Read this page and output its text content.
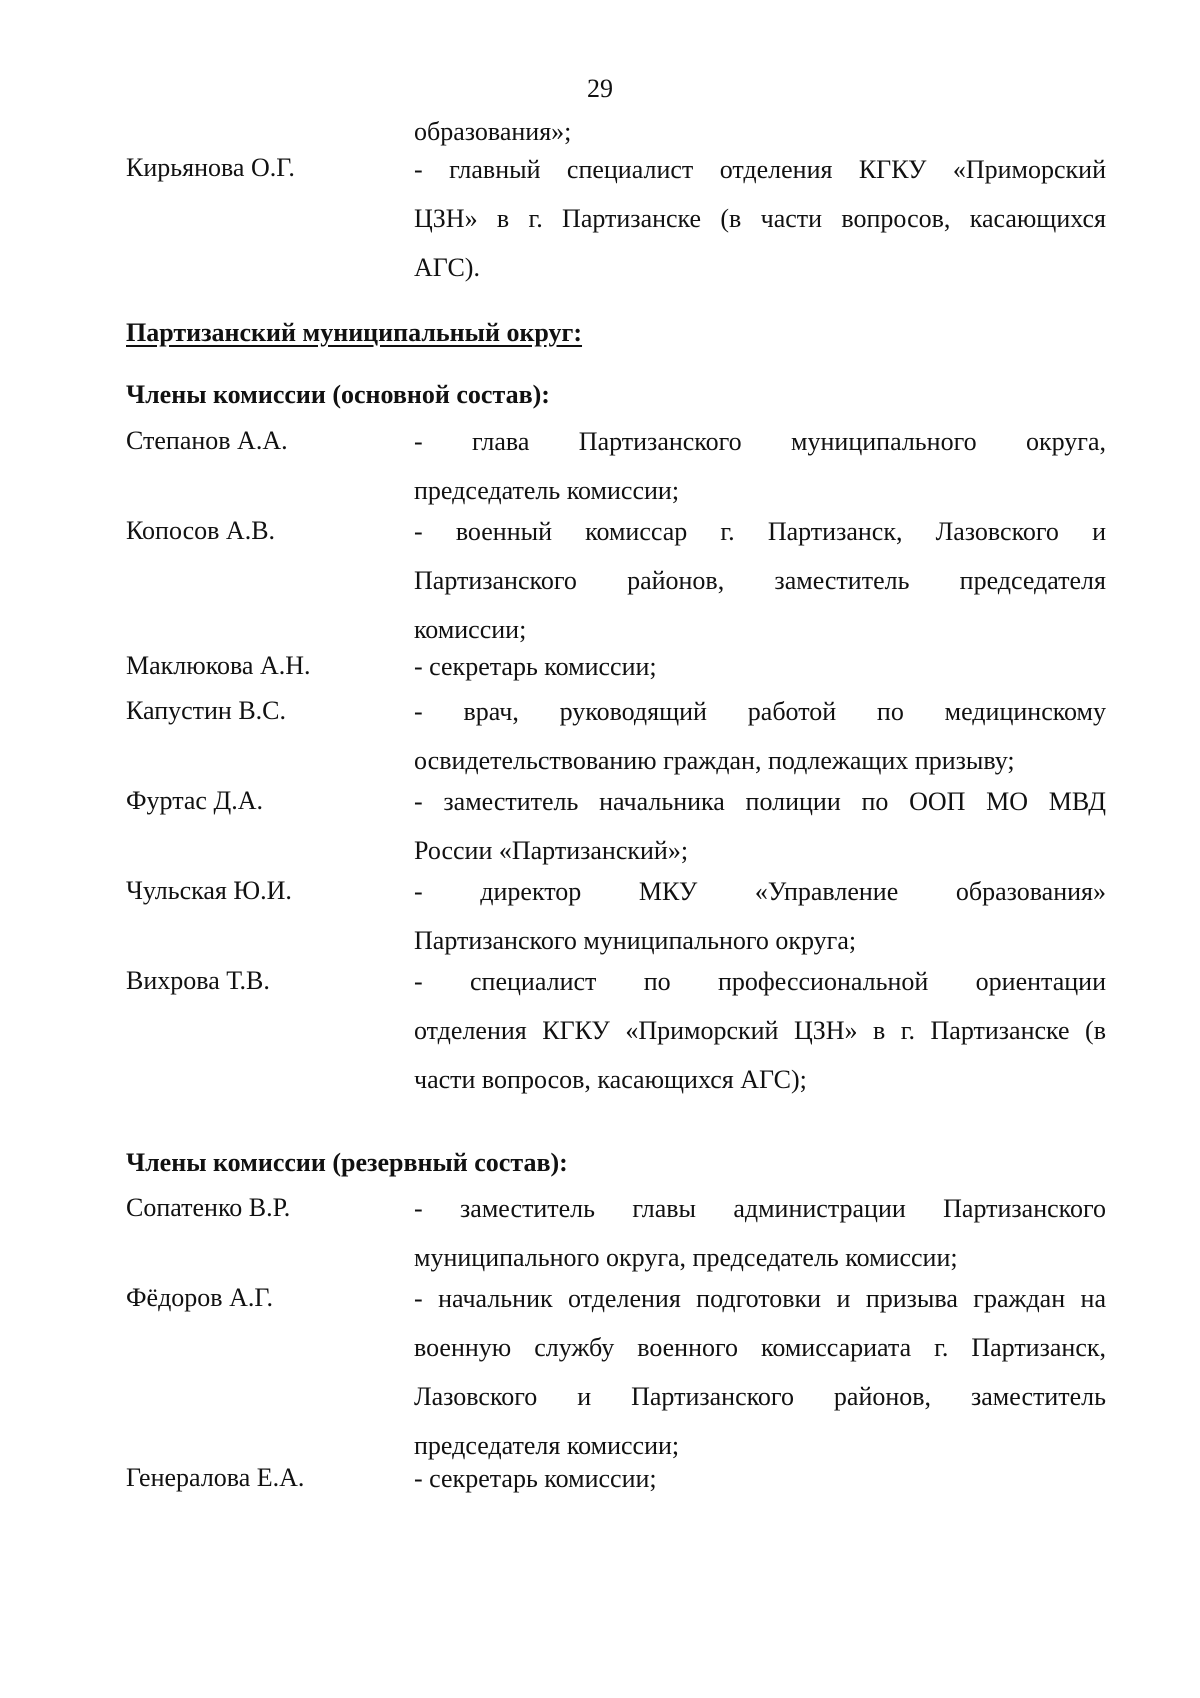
29
образования»;
Кирьянова О.Г.	- главный специалист отделения КГКУ «Приморский
ЦЗН» в г. Партизанске (в части вопросов, касающихся
АГС).
Партизанский муниципальный округ:
Члены комиссии (основной состав):
Степанов А.А.	- глава Партизанского муниципального округа,
председатель комиссии;
Копосов А.В.	- военный комиссар г. Партизанск, Лазовского и
Партизанского районов, заместитель председателя
комиссии;
Маклюкова А.Н.	- секретарь комиссии;
Капустин В.С.	- врач, руководящий работой по медицинскому
освидетельствованию граждан, подлежащих призыву;
Фуртас Д.А.	- заместитель начальника полиции по ООП МО МВД
России «Партизанский»;
Чульская Ю.И.	- директор МКУ «Управление образования»
Партизанского муниципального округа;
Вихрова Т.В.	- специалист по профессиональной ориентации
отделения КГКУ «Приморский ЦЗН» в г. Партизанске (в
части вопросов, касающихся АГС);
Члены комиссии (резервный состав):
Сопатенко В.Р.	- заместитель главы администрации Партизанского
муниципального округа, председатель комиссии;
Фёдоров А.Г.	- начальник отделения подготовки и призыва граждан на
военную службу военного комиссариата г. Партизанск,
Лазовского и Партизанского районов, заместитель
председателя комиссии;
Генералова Е.А.	- секретарь комиссии;
